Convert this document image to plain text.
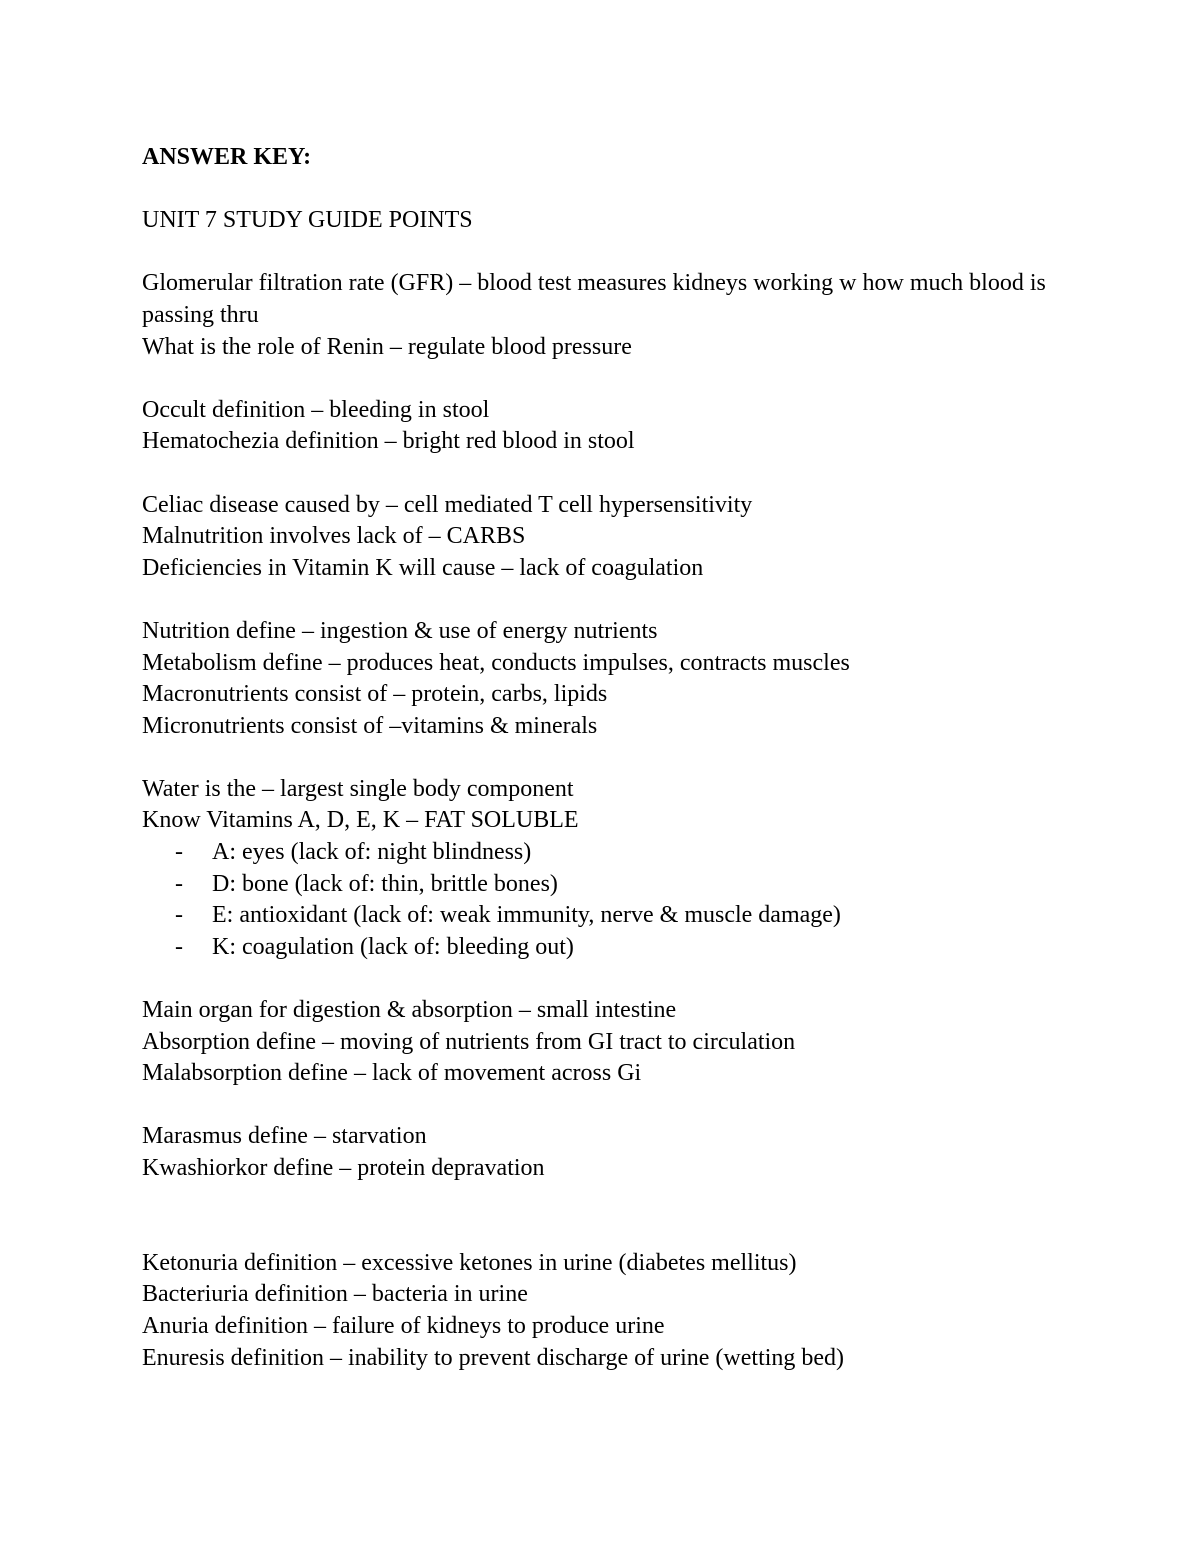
ANSWER KEY:

UNIT 7 STUDY GUIDE POINTS

Glomerular filtration rate (GFR) – blood test measures kidneys working w how much blood is passing thru

What is the role of Renin – regulate blood pressure

Occult definition – bleeding in stool

Hematochezia definition – bright red blood in stool

Celiac disease caused by – cell mediated T cell hypersensitivity

Malnutrition involves lack of – CARBS

Deficiencies in Vitamin K will cause – lack of coagulation

Nutrition define – ingestion & use of energy nutrients

Metabolism define – produces heat, conducts impulses, contracts muscles

Macronutrients consist of – protein, carbs, lipids

Micronutrients consist of –vitamins & minerals

Water is the – largest single body component

Know Vitamins A, D, E, K – FAT SOLUBLE

- A: eyes (lack of: night blindness)

- D: bone (lack of: thin, brittle bones)

- E: antioxidant (lack of: weak immunity, nerve & muscle damage)

- K: coagulation (lack of: bleeding out)

Main organ for digestion & absorption – small intestine

Absorption define – moving of nutrients from GI tract to circulation

Malabsorption define – lack of movement across Gi

Marasmus define – starvation

Kwashiorkor define – protein depravation

Ketonuria definition – excessive ketones in urine (diabetes mellitus)

Bacteriuria definition – bacteria in urine

Anuria definition – failure of kidneys to produce urine

Enuresis definition – inability to prevent discharge of urine (wetting bed)
